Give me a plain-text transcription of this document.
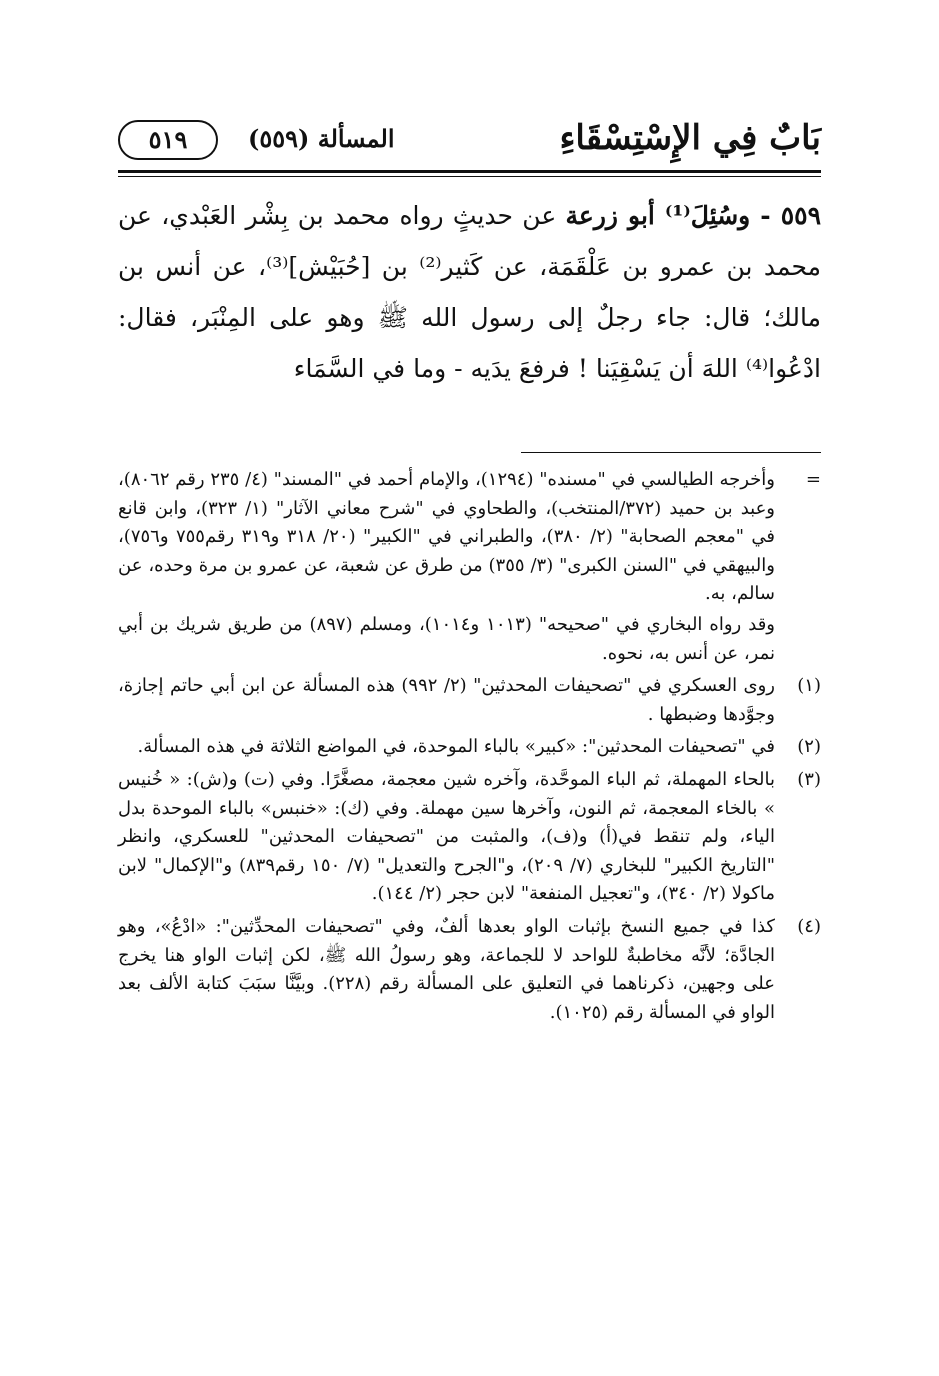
بَابٌ فِي الإِسْتِسْقَاءِ
المسألة (٥٥٩)
٥١٩
٥٥٩ - وسُئِلَ⁽¹⁾ أبو زرعة عن حديثٍ رواه محمد بن بِشْر العَبْدي، عن محمد بن عمرو بن عَلْقَمَة، عن كَثير⁽²⁾ بن [حُبَيْش]⁽³⁾، عن أنس بن مالك؛ قال: جاء رجلٌ إلى رسول الله ﷺ وهو على المِنْبَر، فقال: ادْعُوا⁽⁴⁾ اللهَ أن يَسْقِيَنا ! فرفعَ يدَيه - وما في السَّمَاء
=

وأخرجه الطيالسي في "مسنده" (١٢٩٤)، والإمام أحمد في "المسند" (٤/ ٢٣٥ رقم ٨٠٦٢)، وعبد بن حميد (٣٧٢/المنتخب)، والطحاوي في "شرح معاني الآثار" (١/ ٣٢٣)، وابن قانع في "معجم الصحابة" (٢/ ٣٨٠)، والطبراني في "الكبير" (٢٠/ ٣١٨ و٣١٩ رقم٧٥٥ و٧٥٦)، والبيهقي في "السنن الكبرى" (٣/ ٣٥٥) من طرق عن شعبة، عن عمرو بن مرة وحده، عن سالم، به.

وقد رواه البخاري في "صحيحه" (١٠١٣ و١٠١٤)، ومسلم (٨٩٧) من طريق شريك بن أبي نمر، عن أنس به، نحوه.

(١)

روى العسكري في "تصحيفات المحدثين" (٢/ ٩٩٢) هذه المسألة عن ابن أبي حاتم إجازة، وجوَّدها وضبطها .

(٢)

في "تصحيفات المحدثين": «كبير» بالباء الموحدة، في المواضع الثلاثة في هذه المسألة.

(٣)

بالحاء المهملة، ثم الباء الموحَّدة، وآخره شين معجمة، مصغَّرًا. وفي (ت) و(ش): « خُنيس » بالخاء المعجمة، ثم النون، وآخرها سين مهملة. وفي (ك): «خنبس» بالباء الموحدة بدل الياء، ولم تنقط في(أ) و(ف)، والمثبت من "تصحيفات المحدثين" للعسكري، وانظر "التاريخ الكبير" للبخاري (٧/ ٢٠٩)، و"الجرح والتعديل" (٧/ ١٥٠ رقم٨٣٩) و"الإكمال" لابن ماكولا (٢/ ٣٤٠)، و"تعجيل المنفعة" لابن حجر (٢/ ١٤٤).

(٤)

كذا في جميع النسخ بإثبات الواو بعدها ألفٌ، وفي "تصحيفات المحدِّثين": «ادْعُ»، وهو الجادَّة؛ لأنَّه مخاطبةٌ للواحد لا للجماعة، وهو رسولُ الله ﷺ، لكن إثبات الواو هنا يخرج على وجهين، ذكرناهما في التعليق على المسألة رقم (٢٢٨). وبيَّنَّا سبَبَ كتابة الألف بعد الواو في المسألة رقم (١٠٢٥).
